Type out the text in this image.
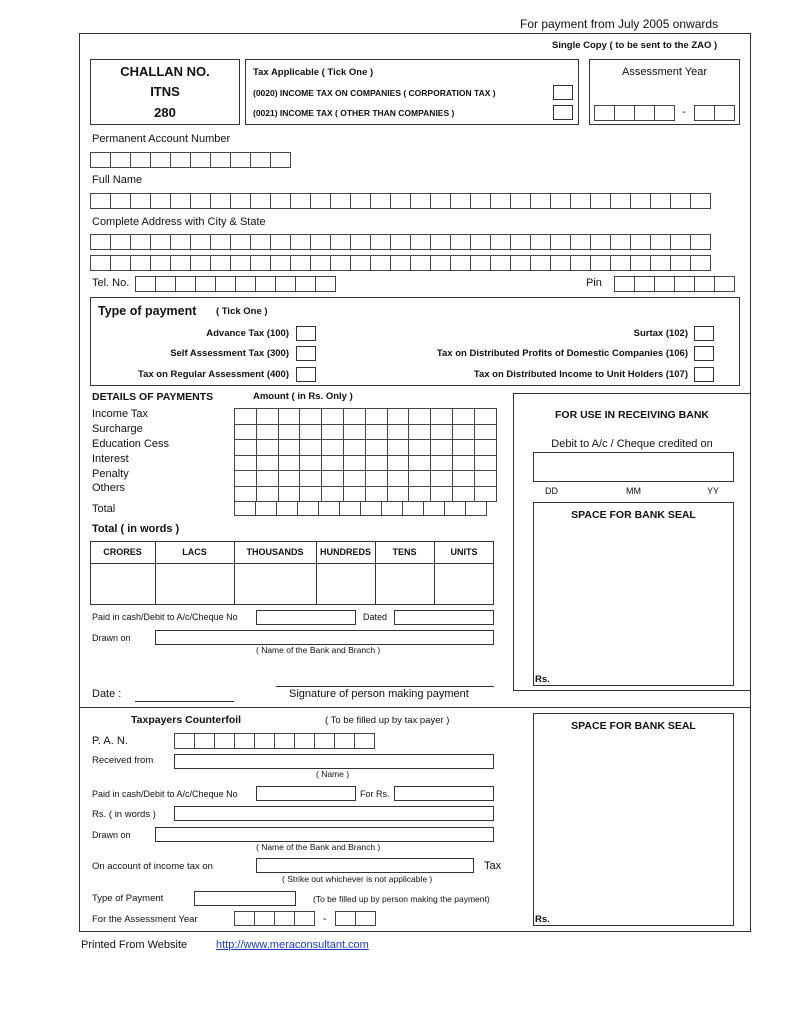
For payment from July 2005 onwards
Single Copy ( to be sent to the ZAO )
CHALLAN NO.
ITNS
280
Tax Applicable ( Tick One )
(0020) INCOME TAX ON COMPANIES ( CORPORATION TAX )
(0021) INCOME TAX ( OTHER THAN COMPANIES )
Assessment Year
-
Permanent Account Number
Full Name
Complete Address with City & State
Tel. No.	Pin
Type of payment ( Tick One )
Advance Tax (100)
Self Assessment Tax (300)
Tax on Regular Assessment (400)
Surtax (102)
Tax on Distributed Profits of Domestic Companies (106)
Tax on Distributed Income to Unit Holders (107)
DETAILS OF PAYMENTS	Amount ( in Rs. Only )
Income Tax
Surcharge
Education Cess
Interest
Penalty
Others
Total
Total ( in words )
CRORES	LACS	THOUSANDS	HUNDREDS	TENS	UNITS
Paid in cash/Debit to A/c/Cheque No	Dated
Drawn on
( Name of the Bank and Branch )
Date :	Signature of person making payment
FOR USE IN RECEIVING BANK
Debit to A/c / Cheque credited on
DD	MM	YY
SPACE FOR BANK SEAL
Rs.
Taxpayers Counterfoil	( To be filled up by tax payer )
P. A. N.
Received from
( Name )
Paid in cash/Debit to A/c/Cheque No	For Rs.
Rs. ( in words )
Drawn on
( Name of the Bank and Branch )
On account of income tax on	Tax
( Strike out whichever is not applicable )
Type of Payment	(To be filled up by person making the payment)
For the Assessment Year	-
SPACE FOR BANK SEAL
Rs.
Printed From Website	http://www.meraconsultant.com
